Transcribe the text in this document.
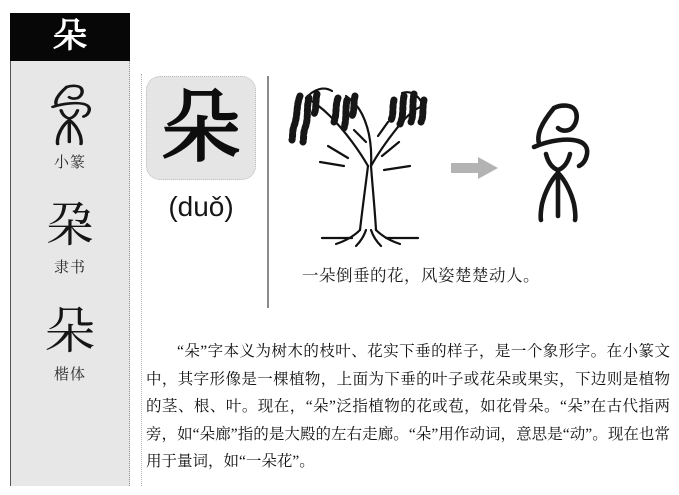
朵
小篆
朶
隶书
朵
楷体
朵
(duǒ)
一朵倒垂的花，风姿楚楚动人。
“朵”字本义为树木的枝叶、花实下垂的样子，是一个象形字。在小篆文中，其字形像是一棵植物，上面为下垂的叶子或花朵或果实，下边则是植物的茎、根、叶。现在，“朵”泛指植物的花或苞，如花骨朵。“朵”在古代指两旁，如“朵廊”指的是大殿的左右走廊。“朵”用作动词，意思是“动”。现在也常用于量词，如“一朵花”。
